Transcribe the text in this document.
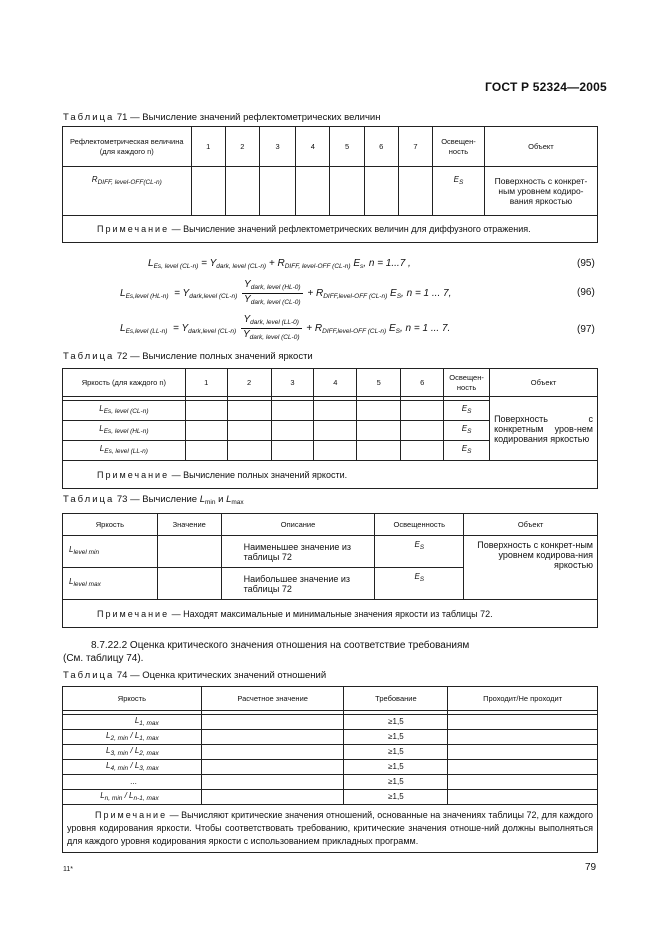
ГОСТ Р 52324—2005
Таблица 71 — Вычисление значений рефлектометрических величин
Рефлектометрическая величина (для каждого n)	1	2	3	4	5	6	7	Освещен-ность	Объект
$R_{DIFF, level-OFF(CL-n)}$								$E_S$	Поверхность с конкрет-ным уровнем кодиро-вания яркостью
Примечание — Вычисление значений рефлектометрических величин для диффузного отражения.									
$L_{Es, level (CL-n)} = Y_{dark, level (CL-n)} + R_{DIFF, level-OFF (CL-n)}$ $E_s$, n = 1...7 ,	(95)
$L_{Es,level (HL-n)} = Y_{dark,level (CL-n)} \frac{Y_{dark, level (HL-0)}}{Y_{dark, level (CL-0)}} + R_{DIFF,level-OFF (CL-n)}$ $E_S$, n = 1 ... 7,	(96)
$L_{Es,level (LL-n)} = Y_{dark,level (CL-n)} \frac{Y_{dark, level (LL-0)}}{Y_{dark, level (CL-0)}} + R_{DIFF,level-OFF (CL-n)}$ $E_S$, n = 1 ... 7.	(97)
Таблица 72 — Вычисление полных значений яркости
Яркость (для каждого n)	1	2	3	4	5	6	Освещен-ность	Объект
								Поверхность с конкретным уров-нем кодирования яркостью
$L_{Es, level (CL-n)}$							$E_S$
$L_{Es, level (HL-n)}$							$E_S$
$L_{Es, level (LL-n)}$							$E_S$
Примечание — Вычисление полных значений яркости.								
Таблица 73 — Вычисление $L_{min}$ и $L_{max}$
Яркость	Значение	Описание	Освещенность	Объект
$L_{level min}$		Наименьшее значение из таблицы 72	$E_S$	Поверхность с конкрет-ным уровнем кодирова-ния яркостью
$L_{level max}$		Наибольшее значение из таблицы 72	$E_S$
Примечание — Находят максимальные и минимальные значения яркости из таблицы 72.				
8.7.22.2 Оценка критического значения отношения на соответствие требованиям
(См. таблицу 74).
Таблица 74 — Оценка критических значений отношений
Яркость	Расчетное значение	Требование	Проходит/Не проходит

$L_{1, max}$		≥1,5	
$L_{2, min} / L_{1, max}$		≥1,5	
$L_{3, min} / L_{2, max}$		≥1,5	
$L_{4, min} / L_{3, max}$		≥1,5	
...		≥1,5	
$L_{n, min} / L_{n-1, max}$		≥1,5	
Примечание — Вычисляют критические значения отношений, основанные на значениях таблицы 72, для каждого уровня кодирования яркости. Чтобы соответствовать требованию, критические значения отноше-ний должны выполняться для каждого уровня кодирования яркости с использованием прикладных программ.			
11*	79
